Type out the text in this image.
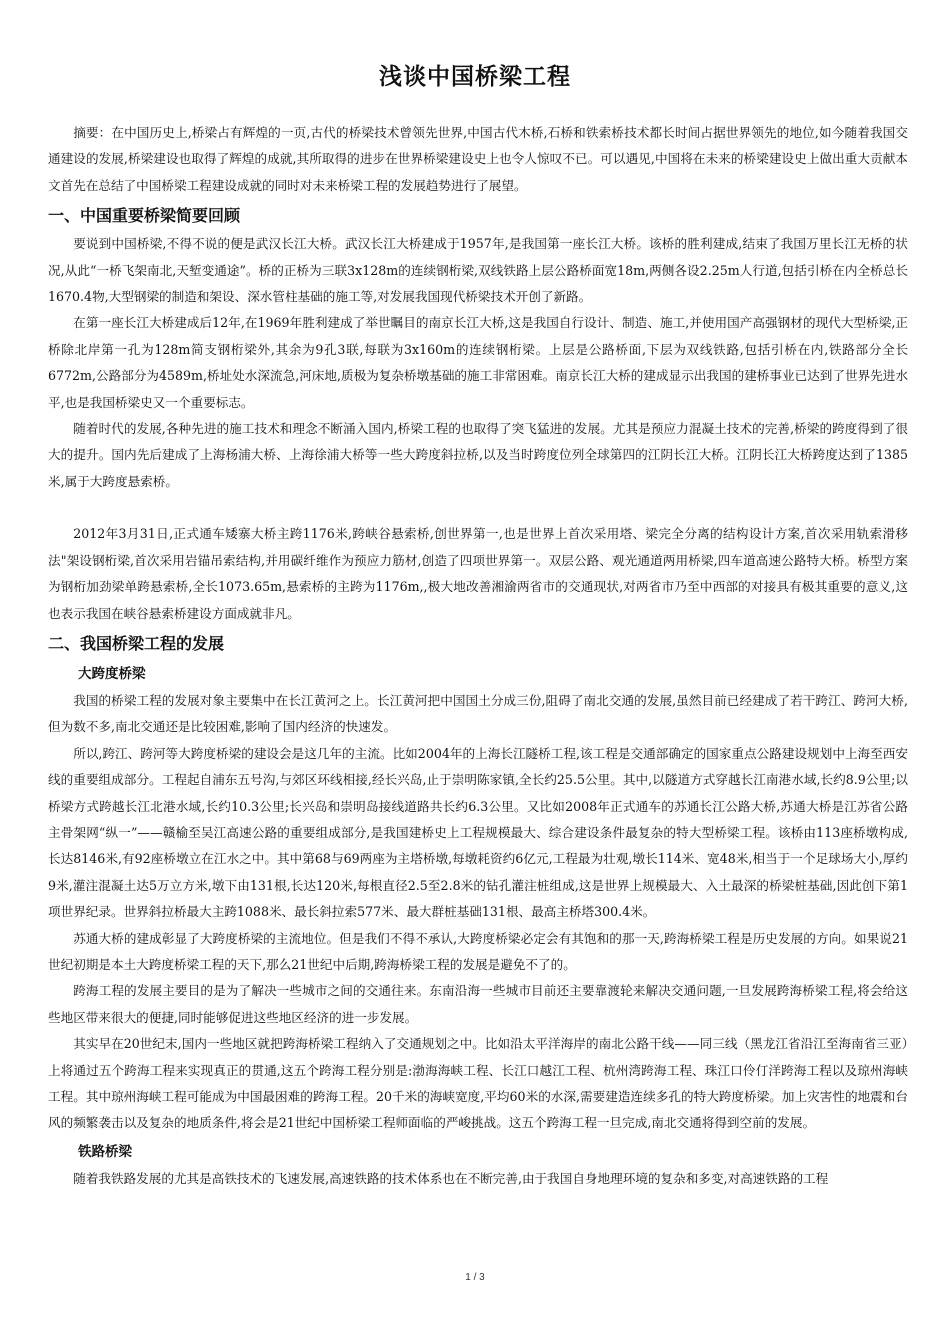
浅谈中国桥梁工程

摘要：在中国历史上,桥梁占有辉煌的一页,古代的桥梁技术曾领先世界,中国古代木桥,石桥和铁索桥技术都长时间占据世界领先的地位,如今随着我国交通建设的发展,桥梁建设也取得了辉煌的成就,其所取得的进步在世界桥梁建设史上也令人惊叹不已。可以遇见,中国将在未来的桥梁建设史上做出重大贡献本文首先在总结了中国桥梁工程建设成就的同时对未来桥梁工程的发展趋势进行了展望。

一、中国重要桥梁简要回顾

要说到中国桥梁,不得不说的便是武汉长江大桥。武汉长江大桥建成于1957年,是我国第一座长江大桥。该桥的胜利建成,结束了我国万里长江无桥的状况,从此“一桥飞架南北,天堑变通途”。桥的正桥为三联3x128m的连续钢桁梁,双线铁路上层公路桥面宽18m,两侧各设2.25m人行道,包括引桥在内全桥总长1670.4物,大型钢梁的制造和架设、深水管柱基础的施工等,对发展我国现代桥梁技术开创了新路。

在第一座长江大桥建成后12年,在1969年胜利建成了举世瞩目的南京长江大桥,这是我国自行设计、制造、施工,并使用国产高强钢材的现代大型桥梁,正桥除北岸第一孔为128m简支钢桁梁外,其余为9孔3联,每联为3x160m的连续钢桁梁。上层是公路桥面,下层为双线铁路,包括引桥在内,铁路部分全长6772m,公路部分为4589m,桥址处水深流急,河床地,质极为复杂桥墩基础的施工非常困难。南京长江大桥的建成显示出我国的建桥事业已达到了世界先进水平,也是我国桥梁史又一个重要标志。

随着时代的发展,各种先进的施工技术和理念不断涌入国内,桥梁工程的也取得了突飞猛进的发展。尤其是预应力混凝土技术的完善,桥梁的跨度得到了很大的提升。国内先后建成了上海杨浦大桥、上海徐浦大桥等一些大跨度斜拉桥,以及当时跨度位列全球第四的江阴长江大桥。江阴长江大桥跨度达到了1385米,属于大跨度悬索桥。

2012年3月31日,正式通车矮寨大桥主跨1176米,跨峡谷悬索桥,创世界第一,也是世界上首次采用塔、梁完全分离的结构设计方案,首次采用轨索滑移法"架设钢桁梁,首次采用岩锚吊索结构,并用碳纤维作为预应力筋材,创造了四项世界第一。双层公路、观光通道两用桥梁,四车道高速公路特大桥。桥型方案为钢桁加劲梁单跨悬索桥,全长1073.65m,悬索桥的主跨为1176m,,极大地改善湘渝两省市的交通现状,对两省市乃至中西部的对接具有极其重要的意义,这也表示我国在峡谷悬索桥建设方面成就非凡。

二、我国桥梁工程的发展
大跨度桥梁

我国的桥梁工程的发展对象主要集中在长江黄河之上。长江黄河把中国国土分成三份,阻碍了南北交通的发展,虽然目前已经建成了若干跨江、跨河大桥,但为数不多,南北交通还是比较困难,影响了国内经济的快速发。

所以,跨江、跨河等大跨度桥梁的建设会是这几年的主流。比如2004年的上海长江隧桥工程,该工程是交通部确定的国家重点公路建设规划中上海至西安线的重要组成部分。工程起自浦东五号沟,与郊区环线相接,经长兴岛,止于崇明陈家镇,全长约25.5公里。其中,以隧道方式穿越长江南港水域,长约8.9公里;以桥梁方式跨越长江北港水域,长约10.3公里;长兴岛和崇明岛接线道路共长约6.3公里。又比如2008年正式通车的苏通长江公路大桥,苏通大桥是江苏省公路主骨架网“纵一”——赣榆至吴江高速公路的重要组成部分,是我国建桥史上工程规模最大、综合建设条件最复杂的特大型桥梁工程。该桥由113座桥墩构成,长达8146米,有92座桥墩立在江水之中。其中第68与69两座为主塔桥墩,每墩耗资约6亿元,工程最为壮观,墩长114米、宽48米,相当于一个足球场大小,厚约9米,灌注混凝土达5万立方米,墩下由131根,长达120米,每根直径2.5至2.8米的钻孔灌注桩组成,这是世界上规模最大、入土最深的桥梁桩基础,因此创下第1项世界纪录。世界斜拉桥最大主跨1088米、最长斜拉索577米、最大群桩基础131根、最高主桥塔300.4米。

苏通大桥的建成彰显了大跨度桥梁的主流地位。但是我们不得不承认,大跨度桥梁必定会有其饱和的那一天,跨海桥梁工程是历史发展的方向。如果说21世纪初期是本土大跨度桥梁工程的天下,那么21世纪中后期,跨海桥梁工程的发展是避免不了的。

跨海工程的发展主要目的是为了解决一些城市之间的交通往来。东南沿海一些城市目前还主要靠渡轮来解决交通问题,一旦发展跨海桥梁工程,将会给这些地区带来很大的便捷,同时能够促进这些地区经济的进一步发展。

其实早在20世纪末,国内一些地区就把跨海桥梁工程纳入了交通规划之中。比如沿太平洋海岸的南北公路干线——同三线（黑龙江省沿江至海南省三亚）上将通过五个跨海工程来实现真正的贯通,这五个跨海工程分别是:渤海海峡工程、长江口越江工程、杭州湾跨海工程、珠江口伶仃洋跨海工程以及琼州海峡工程。其中琼州海峡工程可能成为中国最困难的跨海工程。20千米的海峡宽度,平均60米的水深,需要建造连续多孔的特大跨度桥梁。加上灾害性的地震和台风的频繁袭击以及复杂的地质条件,将会是21世纪中国桥梁工程师面临的严峻挑战。这五个跨海工程一旦完成,南北交通将得到空前的发展。

铁路桥梁

随着我铁路发展的尤其是高铁技术的飞速发展,高速铁路的技术体系也在不断完善,由于我国自身地理环境的复杂和多变,对高速铁路的工程

1 / 3
